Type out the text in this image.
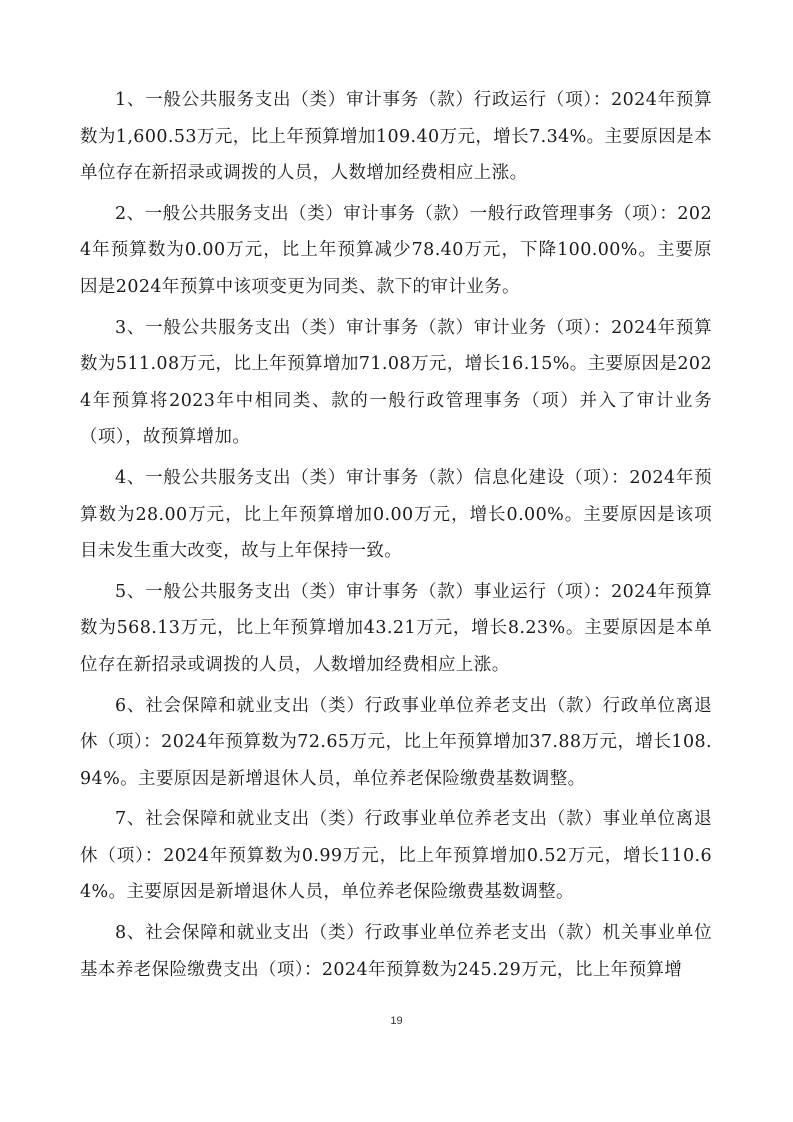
1、一般公共服务支出（类）审计事务（款）行政运行（项）：2024年预算数为1,600.53万元，比上年预算增加109.40万元，增长7.34%。主要原因是本单位存在新招录或调拨的人员，人数增加经费相应上涨。

2、一般公共服务支出（类）审计事务（款）一般行政管理事务（项）：2024年预算数为0.00万元，比上年预算减少78.40万元，下降100.00%。主要原因是2024年预算中该项变更为同类、款下的审计业务。

3、一般公共服务支出（类）审计事务（款）审计业务（项）：2024年预算数为511.08万元，比上年预算增加71.08万元，增长16.15%。主要原因是2024年预算将2023年中相同类、款的一般行政管理事务（项）并入了审计业务（项），故预算增加。

4、一般公共服务支出（类）审计事务（款）信息化建设（项）：2024年预算数为28.00万元，比上年预算增加0.00万元，增长0.00%。主要原因是该项目未发生重大改变，故与上年保持一致。

5、一般公共服务支出（类）审计事务（款）事业运行（项）：2024年预算数为568.13万元，比上年预算增加43.21万元，增长8.23%。主要原因是本单位存在新招录或调拨的人员，人数增加经费相应上涨。

6、社会保障和就业支出（类）行政事业单位养老支出（款）行政单位离退休（项）：2024年预算数为72.65万元，比上年预算增加37.88万元，增长108.94%。主要原因是新增退休人员，单位养老保险缴费基数调整。

7、社会保障和就业支出（类）行政事业单位养老支出（款）事业单位离退休（项）：2024年预算数为0.99万元，比上年预算增加0.52万元，增长110.64%。主要原因是新增退休人员，单位养老保险缴费基数调整。

8、社会保障和就业支出（类）行政事业单位养老支出（款）机关事业单位基本养老保险缴费支出（项）：2024年预算数为245.29万元，比上年预算增

19
